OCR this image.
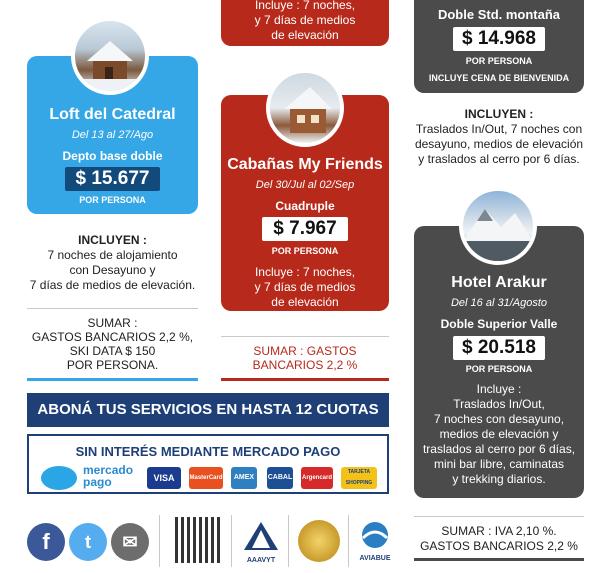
Loft del Catedral
Del 13 al 27/Ago
Depto base doble
$ 15.677
POR PERSONA
INCLUYEN :
7 noches de alojamiento
con Desayuno y
7 días de medios de elevación.
SUMAR :
GASTOS BANCARIOS 2,2 %,
SKI DATA $ 150
POR PERSONA.
Incluye : 7 noches,
y 7 días de medios
de elevación
Cabañas My Friends
Del 30/Jul al 02/Sep
Cuadruple
$ 7.967
POR PERSONA
Incluye : 7 noches,
y 7 días de medios
de elevación
SUMAR : GASTOS
BANCARIOS 2,2 %
Doble Std. montaña
$ 14.968
POR PERSONA
INCLUYE CENA DE BIENVENIDA
INCLUYEN :
Traslados In/Out, 7 noches con
desayuno, medios de elevación
y traslados al cerro por 6 días.
Hotel Arakur
Del 16 al 31/Agosto
Doble Superior Valle
$ 20.518
POR PERSONA
Incluye :
Traslados In/Out,
7 noches con desayuno,
medios de elevación y
traslados al cerro por 6 días,
mini bar libre, caminatas
y trekking diarios.
SUMAR : IVA 2,10 %.
GASTOS BANCARIOS 2,2 %
ABONÁ TUS SERVICIOS EN HASTA 12 CUOTAS
SIN INTERÉS MEDIANTE MERCADO PAGO
mercado
pago	VISA	MasterCard	AMEX	CABAL Argencard
TARJETA SHOPPING
f	t	✉
AAAVYT	AVIABUE
